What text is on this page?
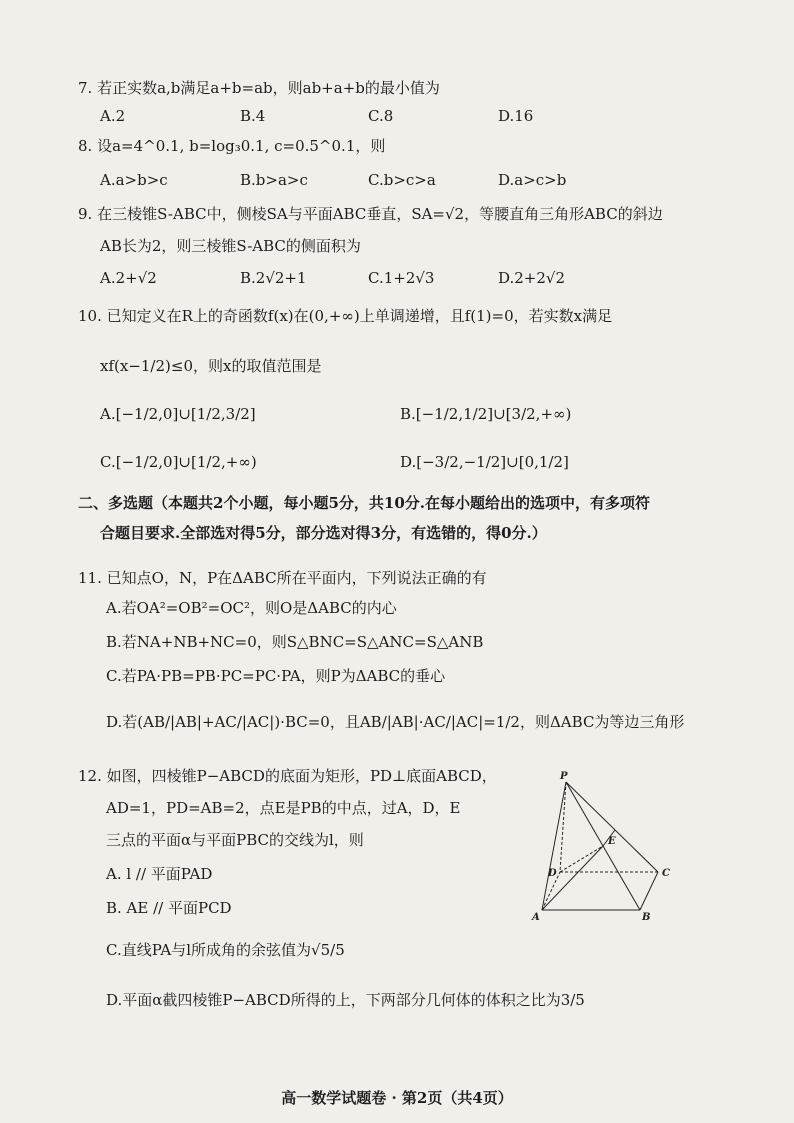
7. 若正实数a,b满足a+b=ab，则ab+a+b的最小值为
A.2	B.4	C.8	D.16
8. 设a=4^0.1, b=log₃0.1, c=0.5^0.1，则
A.a>b>c	B.b>a>c	C.b>c>a	D.a>c>b
9. 在三棱锥S-ABC中，侧棱SA与平面ABC垂直，SA=√2，等腰直角三角形ABC的斜边
AB长为2，则三棱锥S-ABC的侧面积为
A.2+√2	B.2√2+1	C.1+2√3	D.2+2√2
10. 已知定义在R上的奇函数f(x)在(0,+∞)上单调递增，且f(1)=0，若实数x满足
xf(x−1/2)≤0，则x的取值范围是
A.[−1/2,0]∪[1/2,3/2]	B.[−1/2,1/2]∪[3/2,+∞)
C.[−1/2,0]∪[1/2,+∞)	D.[−3/2,−1/2]∪[0,1/2]
二、多选题（本题共2个小题，每小题5分，共10分.在每小题给出的选项中，有多项符
合题目要求.全部选对得5分，部分选对得3分，有选错的，得0分.）
11. 已知点O，N，P在ΔABC所在平面内，下列说法正确的有
A.若OA²=OB²=OC²，则O是ΔABC的内心
B.若NA+NB+NC=0，则S△BNC=S△ANC=S△ANB
C.若PA·PB=PB·PC=PC·PA，则P为ΔABC的垂心
D.若(AB/|AB|+AC/|AC|)·BC=0，且AB/|AB|·AC/|AC|=1/2，则ΔABC为等边三角形
12. 如图，四棱锥P−ABCD的底面为矩形，PD⊥底面ABCD，
AD=1，PD=AB=2，点E是PB的中点，过A，D，E
三点的平面α与平面PBC的交线为l，则
A. l // 平面PAD
B. AE // 平面PCD
C.直线PA与l所成角的余弦值为√5/5
D.平面α截四棱锥P−ABCD所得的上，下两部分几何体的体积之比为3/5
P
E
D	C
A	B
高一数学试题卷 · 第2页（共4页）
